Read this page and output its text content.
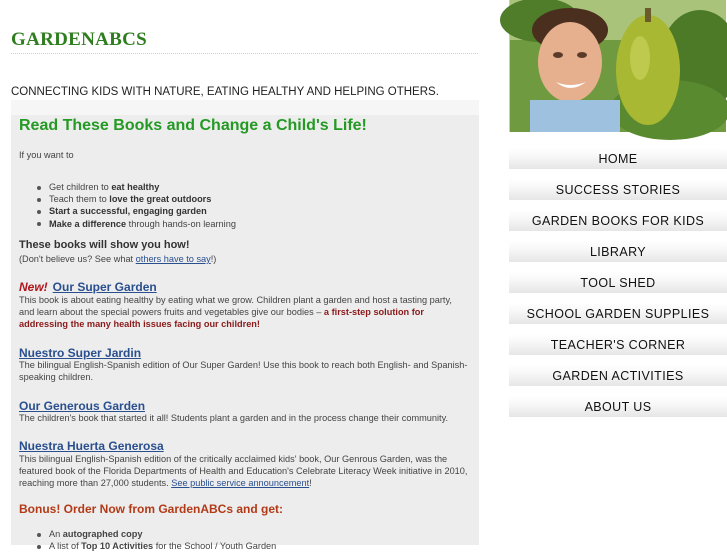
GARDENABCS
CONNECTING KIDS WITH NATURE, EATING HEALTHY AND HELPING OTHERS.
Read These Books and Change a Child's Life!
If you want to
Get children to eat healthy
Teach them to love the great outdoors
Start a successful, engaging garden
Make a difference through hands-on learning
These books will show you how!
(Don't believe us? See what others have to say!)
New! Our Super Garden
This book is about eating healthy by eating what we grow. Children plant a garden and host a tasting party, and learn about the special powers fruits and vegetables give our bodies – a first-step solution for addressing the many health issues facing our children!
Nuestro Super Jardin
The bilingual English-Spanish edition of Our Super Garden! Use this book to reach both English- and Spanish-speaking children.
Our Generous Garden
The children's book that started it all! Students plant a garden and in the process change their community.
Nuestra Huerta Generosa
This bilingual English-Spanish edition of the critically acclaimed kids' book, Our Genrous Garden, was the featured book of the Florida Departments of Health and Education's Celebrate Literacy Week initiative in 2010, reaching more than 27,000 students. See public service announcement!
Bonus! Order Now from GardenABCs and get:
An autographed copy
A list of Top 10 Activities for the School / Youth Garden
HOME
SUCCESS STORIES
GARDEN BOOKS FOR KIDS
LIBRARY
TOOL SHED
SCHOOL GARDEN SUPPLIES
TEACHER'S CORNER
GARDEN ACTIVITIES
ABOUT US
